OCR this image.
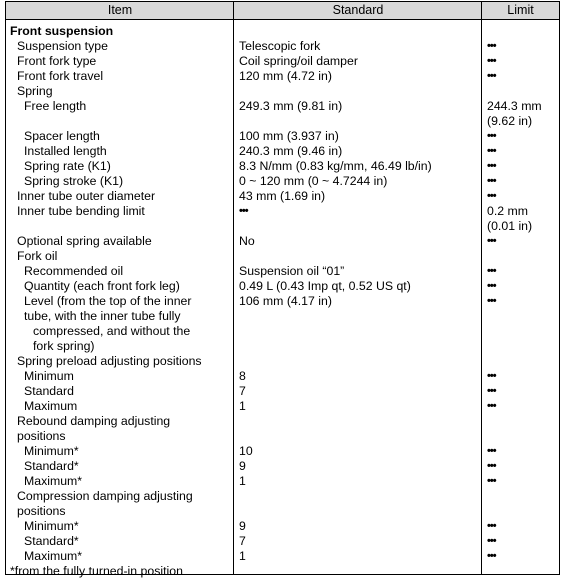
Item	Standard	Limit
Front suspension
Suspension type	Telescopic fork	•••
Front fork type	Coil spring/oil damper	•••
Front fork travel	120 mm (4.72 in)	•••
Spring
Free length	249.3 mm (9.81 in)	244.3 mm
(9.62 in)
Spacer length	100 mm (3.937 in)	•••
Installed length	240.3 mm (9.46 in)	•••
Spring rate (K1)	8.3 N/mm (0.83 kg/mm, 46.49 lb/in)	•••
Spring stroke (K1)	0 ~ 120 mm (0 ~ 4.7244 in)	•••
Inner tube outer diameter	43 mm (1.69 in)	•••
Inner tube bending limit	•••	0.2 mm
(0.01 in)
Optional spring available	No	•••
Fork oil
Recommended oil	Suspension oil “01”	•••
Quantity (each front fork leg)	0.49 L (0.43 Imp qt, 0.52 US qt)	•••
Level (from the top of the inner	106 mm (4.17 in)	•••
tube, with the inner tube fully
compressed, and without the
fork spring)
Spring preload adjusting positions
Minimum	8	•••
Standard	7	•••
Maximum	1	•••
Rebound damping adjusting
positions
Minimum*	10	•••
Standard*	9	•••
Maximum*	1	•••
Compression damping adjusting
positions
Minimum*	9	•••
Standard*	7	•••
Maximum*	1	•••
*from the fully turned-in position
